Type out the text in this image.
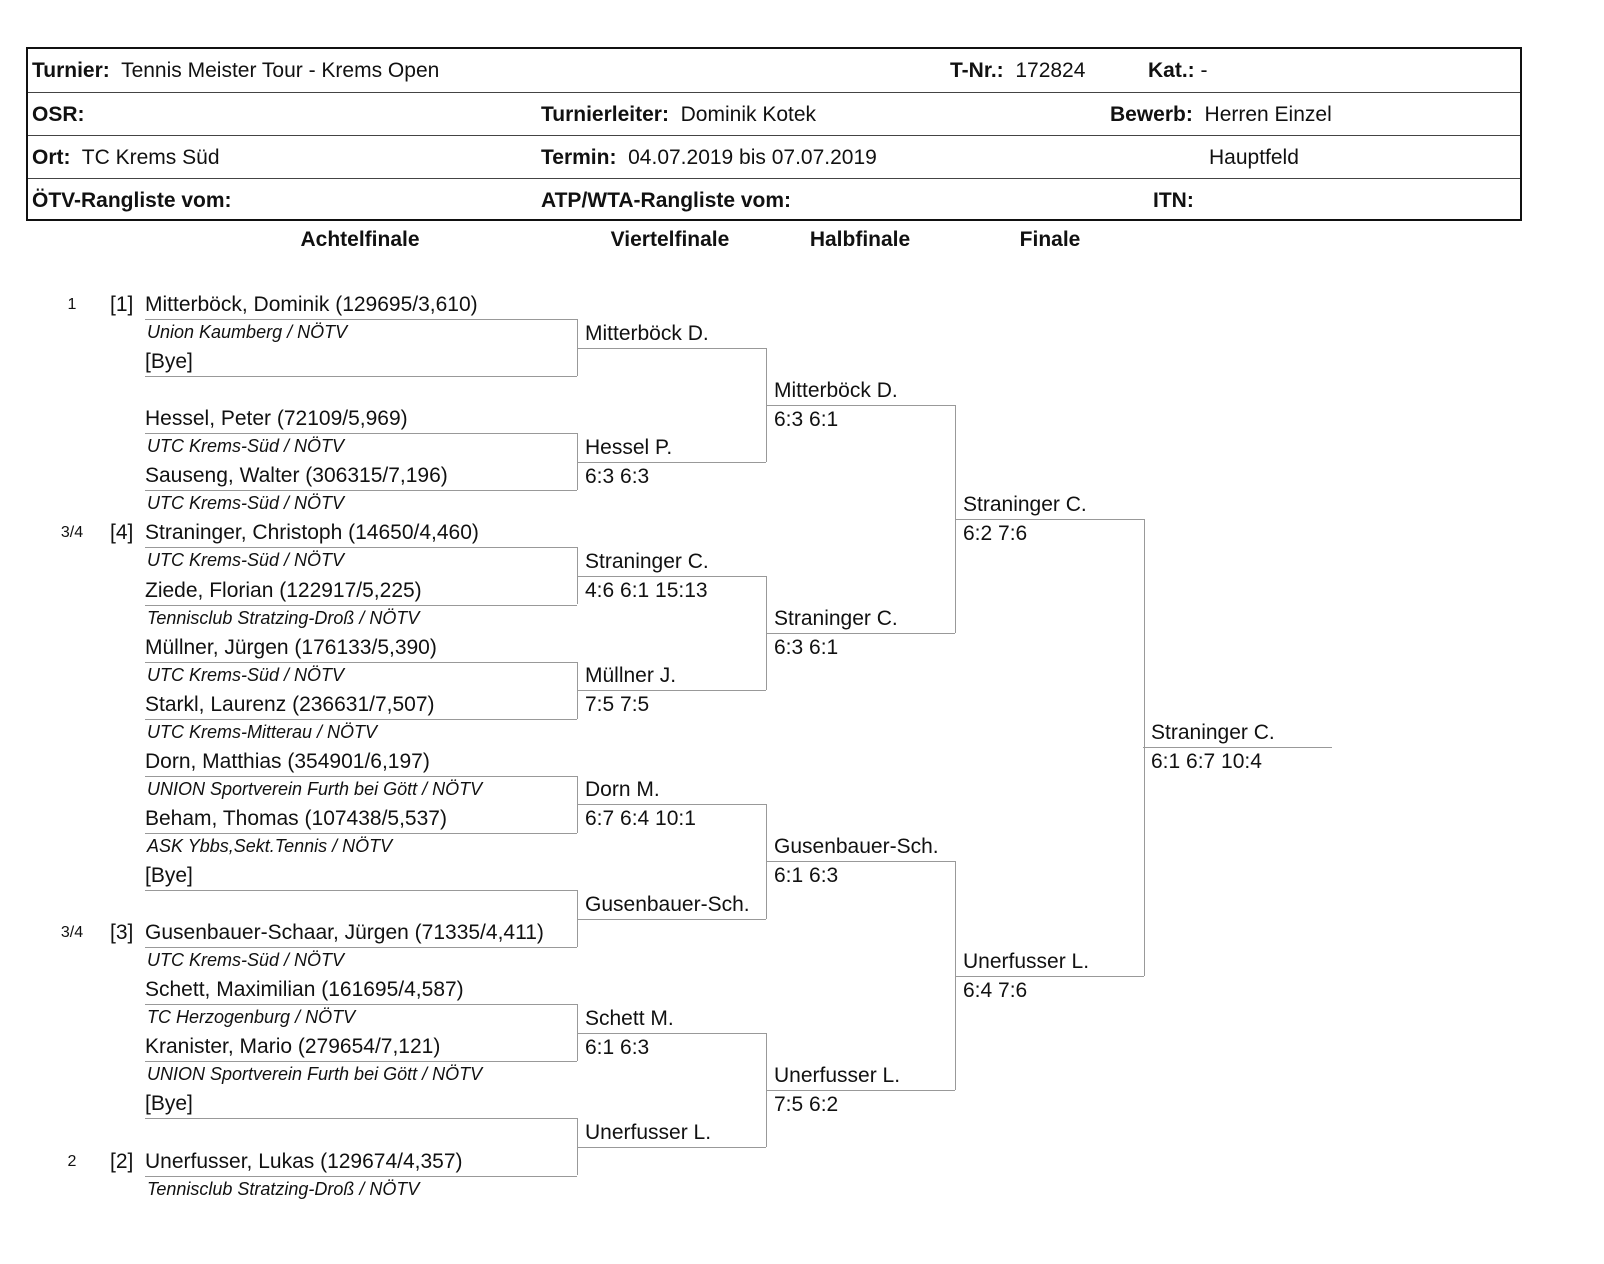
Turnier: Tennis Meister Tour - Krems Open	T-Nr.: 172824	Kat.: -
OSR:	Turnierleiter: Dominik Kotek	Bewerb: Herren Einzel
Ort: TC Krems Süd	Termin: 04.07.2019 bis 07.07.2019	Hauptfeld
ÖTV-Rangliste vom:	ATP/WTA-Rangliste vom:	ITN:
Achtelfinale	Viertelfinale	Halbfinale	Finale
1	[1] Mitterböck, Dominik (129695/3,610)
Union Kaumberg / NÖTV
[Bye]
Hessel, Peter (72109/5,969)
UTC Krems-Süd / NÖTV
Sauseng, Walter (306315/7,196)
UTC Krems-Süd / NÖTV
3/4	[4] Straninger, Christoph (14650/4,460)
UTC Krems-Süd / NÖTV
Ziede, Florian (122917/5,225)
Tennisclub Stratzing-Droß / NÖTV
Müllner, Jürgen (176133/5,390)
UTC Krems-Süd / NÖTV
Starkl, Laurenz (236631/7,507)
UTC Krems-Mitterau / NÖTV
Dorn, Matthias (354901/6,197)
UNION Sportverein Furth bei Gött / NÖTV
Beham, Thomas (107438/5,537)
ASK Ybbs,Sekt.Tennis / NÖTV
[Bye]
3/4	[3] Gusenbauer-Schaar, Jürgen (71335/4,411)
UTC Krems-Süd / NÖTV
Schett, Maximilian (161695/4,587)
TC Herzogenburg / NÖTV
Kranister, Mario (279654/7,121)
UNION Sportverein Furth bei Gött / NÖTV
[Bye]
2	[2] Unerfusser, Lukas (129674/4,357)
Tennisclub Stratzing-Droß / NÖTV
Mitterböck D.
Hessel P.
6:3 6:3
Straninger C.
4:6 6:1 15:13
Müllner J.
7:5 7:5
Dorn M.
6:7 6:4 10:1
Gusenbauer-Sch.
Schett M.
6:1 6:3
Unerfusser L.
Mitterböck D.
6:3 6:1
Straninger C.
6:3 6:1
Gusenbauer-Sch.
6:1 6:3
Unerfusser L.
7:5 6:2
Straninger C.
6:2 7:6
Unerfusser L.
6:4 7:6
Straninger C.
6:1 6:7 10:4
